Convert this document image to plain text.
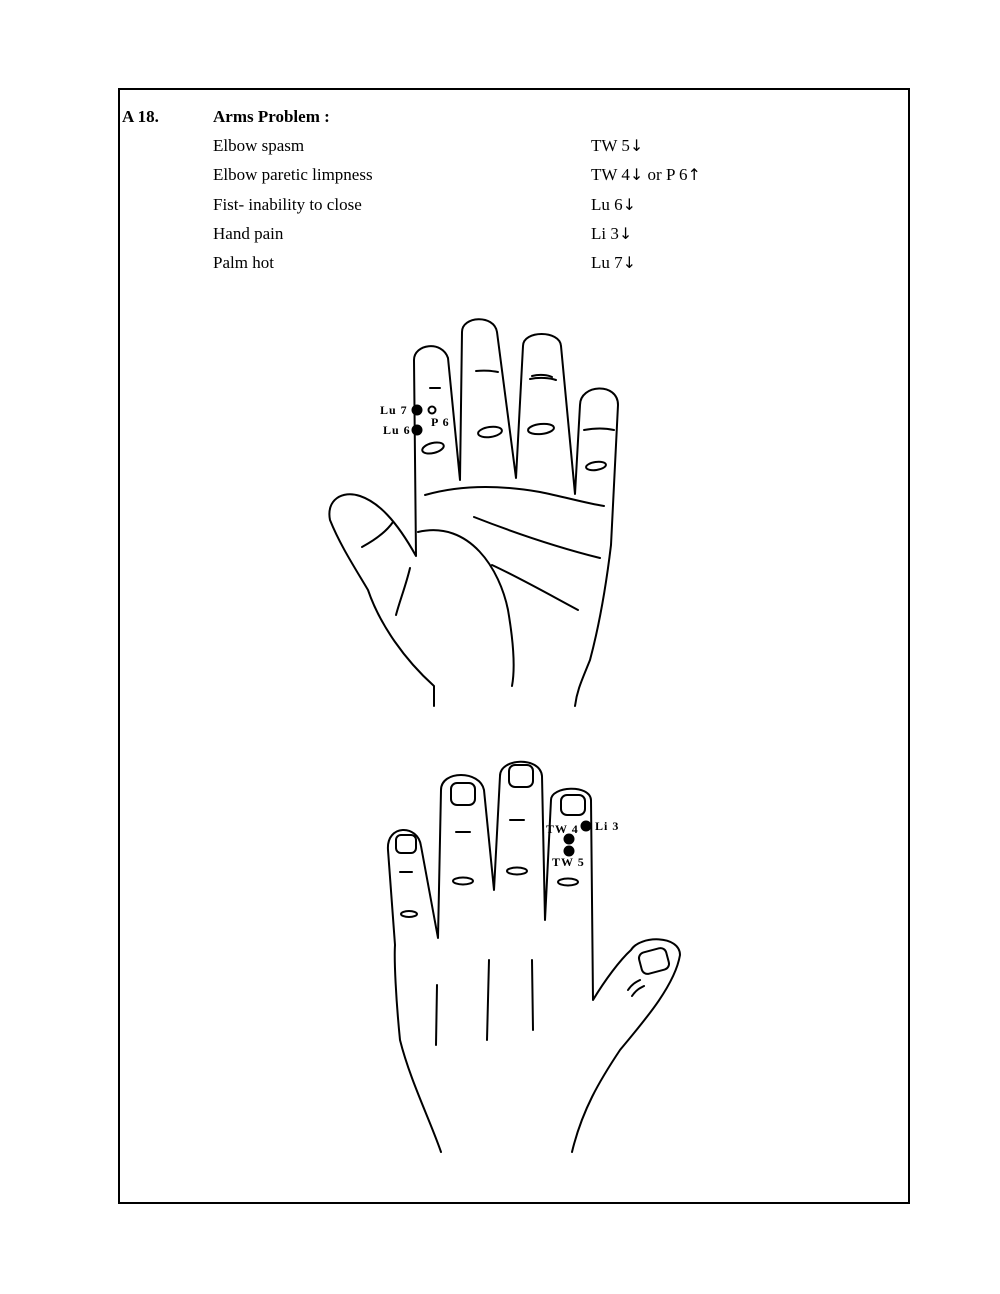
A 18.	Arms Problem :
Elbow spasm	TW 5↓
Elbow paretic limpness	TW 4↓ or P 6↑
Fist- inability to close	Lu 6↓
Hand pain	Li 3↓
Palm hot	Lu 7↓
Lu 7
Lu 6
P 6
TW 4
TW 5
Li 3
